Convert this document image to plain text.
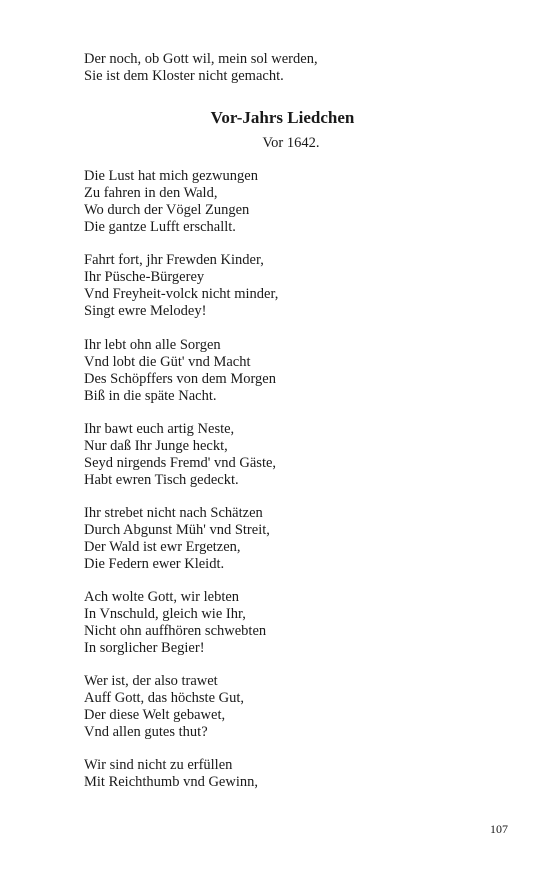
Der noch, ob Gott wil, mein sol werden,
Sie ist dem Kloster nicht gemacht.
Vor-Jahrs Liedchen
Vor 1642.
Die Lust hat mich gezwungen
Zu fahren in den Wald,
Wo durch der Vögel Zungen
Die gantze Lufft erschallt.
Fahrt fort, jhr Frewden Kinder,
Ihr Püsche-Bürgerey
Vnd Freyheit-volck nicht minder,
Singt ewre Melodey!
Ihr lebt ohn alle Sorgen
Vnd lobt die Güt' vnd Macht
Des Schöpffers von dem Morgen
Biß in die späte Nacht.
Ihr bawt euch artig Neste,
Nur daß Ihr Junge heckt,
Seyd nirgends Fremd' vnd Gäste,
Habt ewren Tisch gedeckt.
Ihr strebet nicht nach Schätzen
Durch Abgunst Müh' vnd Streit,
Der Wald ist ewr Ergetzen,
Die Federn ewer Kleidt.
Ach wolte Gott, wir lebten
In Vnschuld, gleich wie Ihr,
Nicht ohn auffhören schwebten
In sorglicher Begier!
Wer ist, der also trawet
Auff Gott, das höchste Gut,
Der diese Welt gebawet,
Vnd allen gutes thut?
Wir sind nicht zu erfüllen
Mit Reichthumb vnd Gewinn,
107
